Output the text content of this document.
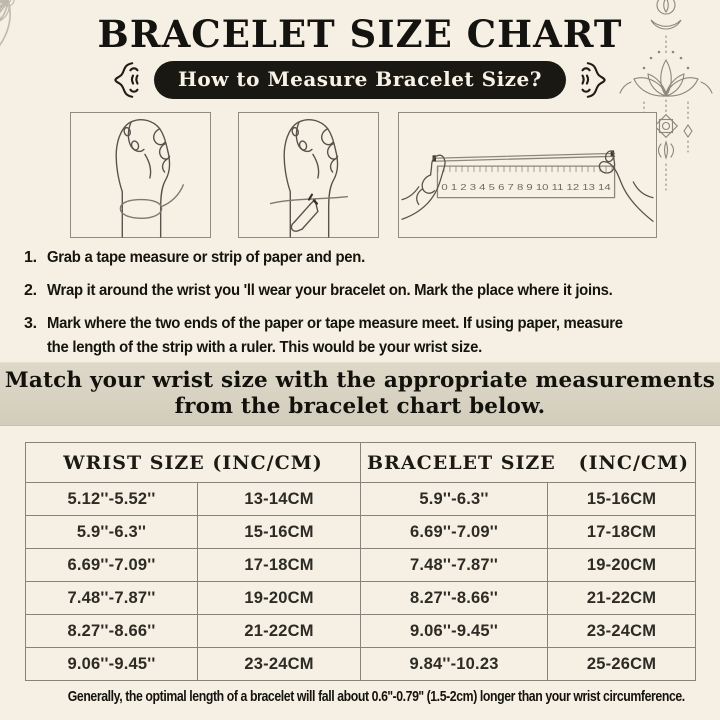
BRACELET SIZE CHART
How to Measure Bracelet Size?
0 1 2 3 4 5 6 7 8 9 10 11 12 13 14
1. Grab a tape measure or strip of paper and pen.
2. Wrap it around the wrist you 'll wear your bracelet on. Mark the place where it joins.
3. Mark where the two ends of the paper or tape measure meet. If using paper, measure
the length of the strip with a ruler. This would be your wrist size.
Match your wrist size with the appropriate measurements
from the bracelet chart below.
WRIST SIZE (INC/CM)		BRACELET SIZE   (INC/CM)	
5.12''-5.52''	13-14CM	5.9''-6.3''	15-16CM
5.9''-6.3''	15-16CM	6.69''-7.09''	17-18CM
6.69''-7.09''	17-18CM	7.48''-7.87''	19-20CM
7.48''-7.87''	19-20CM	8.27''-8.66''	21-22CM
8.27''-8.66''	21-22CM	9.06''-9.45''	23-24CM
9.06''-9.45''	23-24CM	9.84''-10.23	25-26CM
Generally, the optimal length of a bracelet will fall about 0.6''-0.79'' (1.5-2cm) longer than your wrist circumference.
